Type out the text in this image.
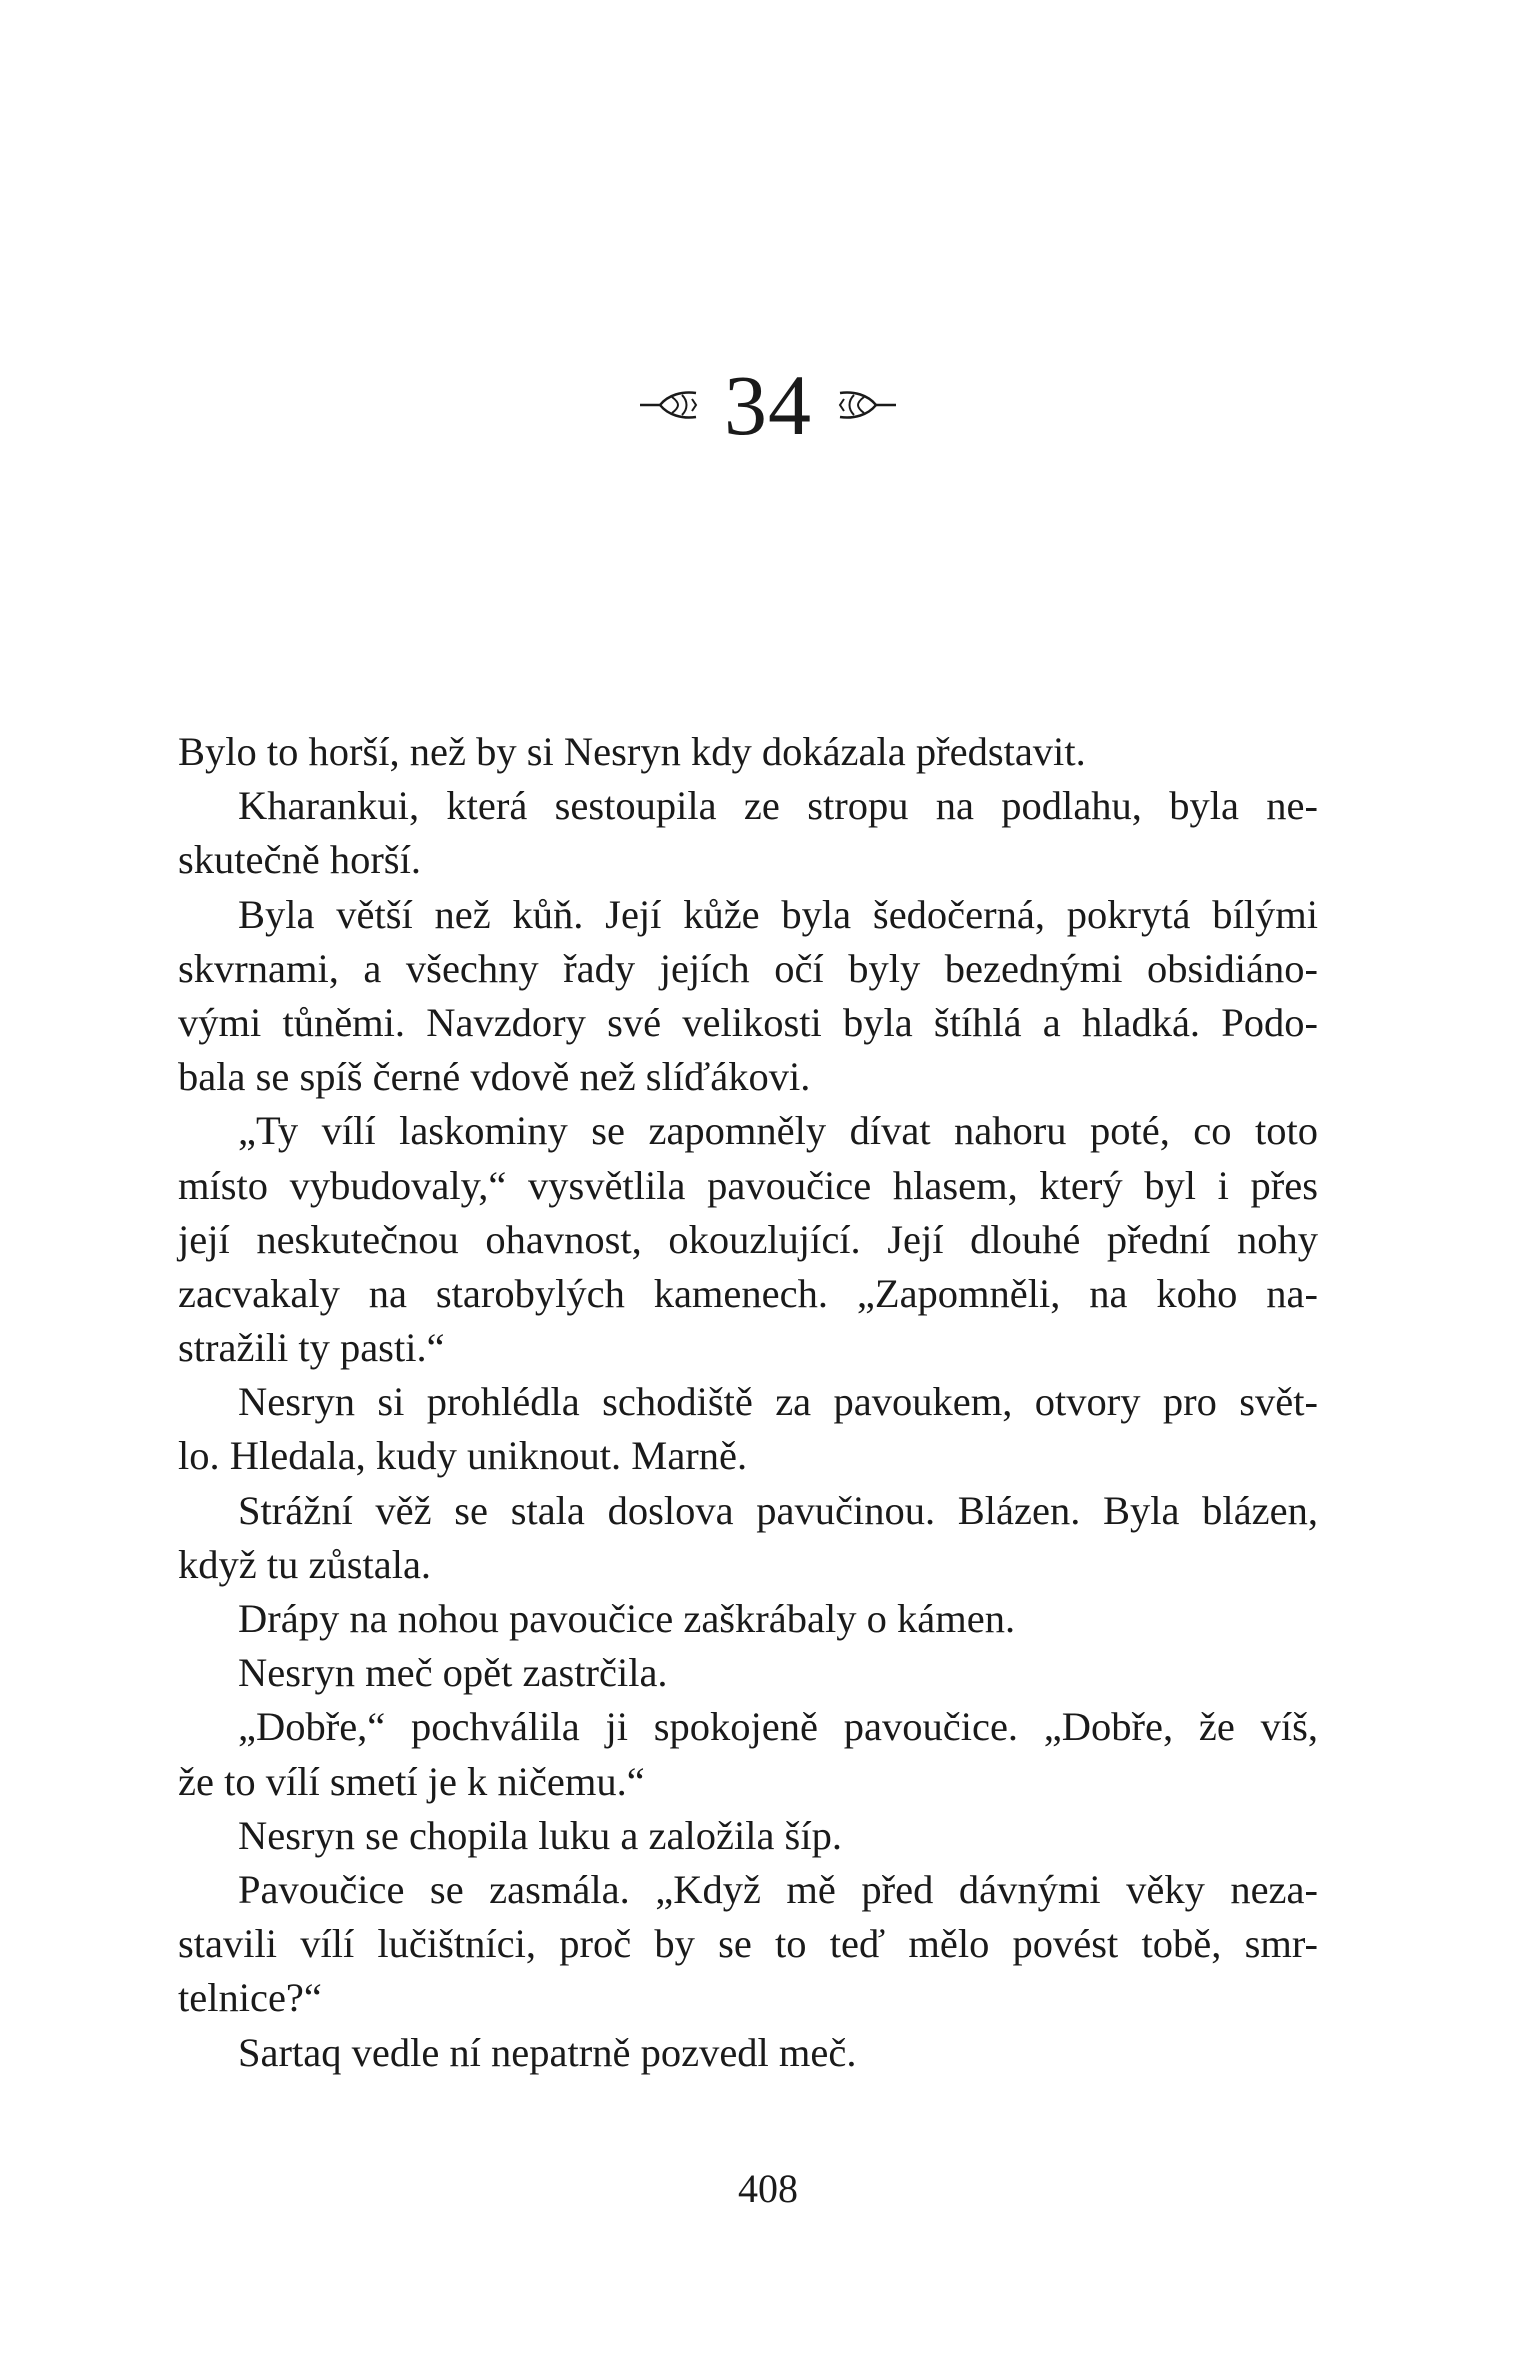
34
Bylo to horší, než by si Nesryn kdy dokázala představit.
Kharankui, která sestoupila ze stropu na podlahu, byla ne-
skutečně horší.
Byla větší než kůň. Její kůže byla šedočerná, pokrytá bílými
skvrnami, a všechny řady jejích očí byly bezednými obsidiáno-
vými tůněmi. Navzdory své velikosti byla štíhlá a hladká. Podo-
bala se spíš černé vdově než slíďákovi.
„Ty vílí laskominy se zapomněly dívat nahoru poté, co toto
místo vybudovaly,“ vysvětlila pavoučice hlasem, který byl i přes
její neskutečnou ohavnost, okouzlující. Její dlouhé přední nohy
zacvakaly na starobylých kamenech. „Zapomněli, na koho na-
stražili ty pasti.“
Nesryn si prohlédla schodiště za pavoukem, otvory pro svět-
lo. Hledala, kudy uniknout. Marně.
Strážní věž se stala doslova pavučinou. Blázen. Byla blázen,
když tu zůstala.
Drápy na nohou pavoučice zaškrábaly o kámen.
Nesryn meč opět zastrčila.
„Dobře,“ pochválila ji spokojeně pavoučice. „Dobře, že víš,
že to vílí smetí je k ničemu.“
Nesryn se chopila luku a založila šíp.
Pavoučice se zasmála. „Když mě před dávnými věky neza-
stavili vílí lučištníci, proč by se to teď mělo povést tobě, smr-
telnice?“
Sartaq vedle ní nepatrně pozvedl meč.
408
